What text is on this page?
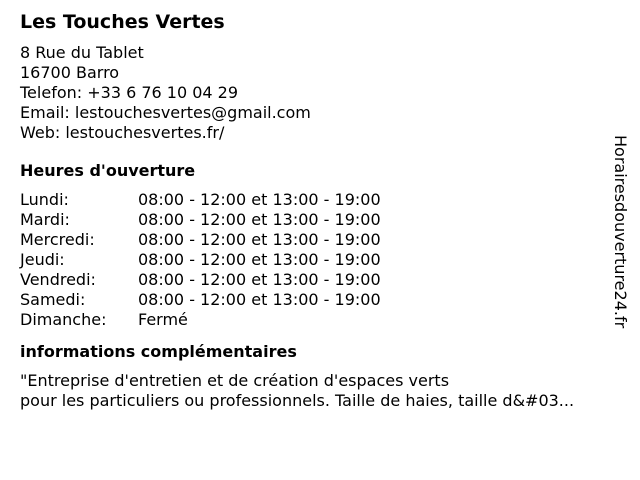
Les Touches Vertes
8 Rue du Tablet
16700 Barro
Telefon: +33 6 76 10 04 29
Email: lestouchesvertes@gmail.com
Web: lestouchesvertes.fr/
Heures d'ouverture
Lundi:	08:00 - 12:00 et 13:00 - 19:00
Mardi:	08:00 - 12:00 et 13:00 - 19:00
Mercredi:	08:00 - 12:00 et 13:00 - 19:00
Jeudi:	08:00 - 12:00 et 13:00 - 19:00
Vendredi:	08:00 - 12:00 et 13:00 - 19:00
Samedi:	08:00 - 12:00 et 13:00 - 19:00
Dimanche:	Fermé
informations complémentaires
"Entreprise d'entretien et de création d'espaces verts
pour les particuliers ou professionnels. Taille de haies, taille d&#03...
Horairesdouverture24.fr
